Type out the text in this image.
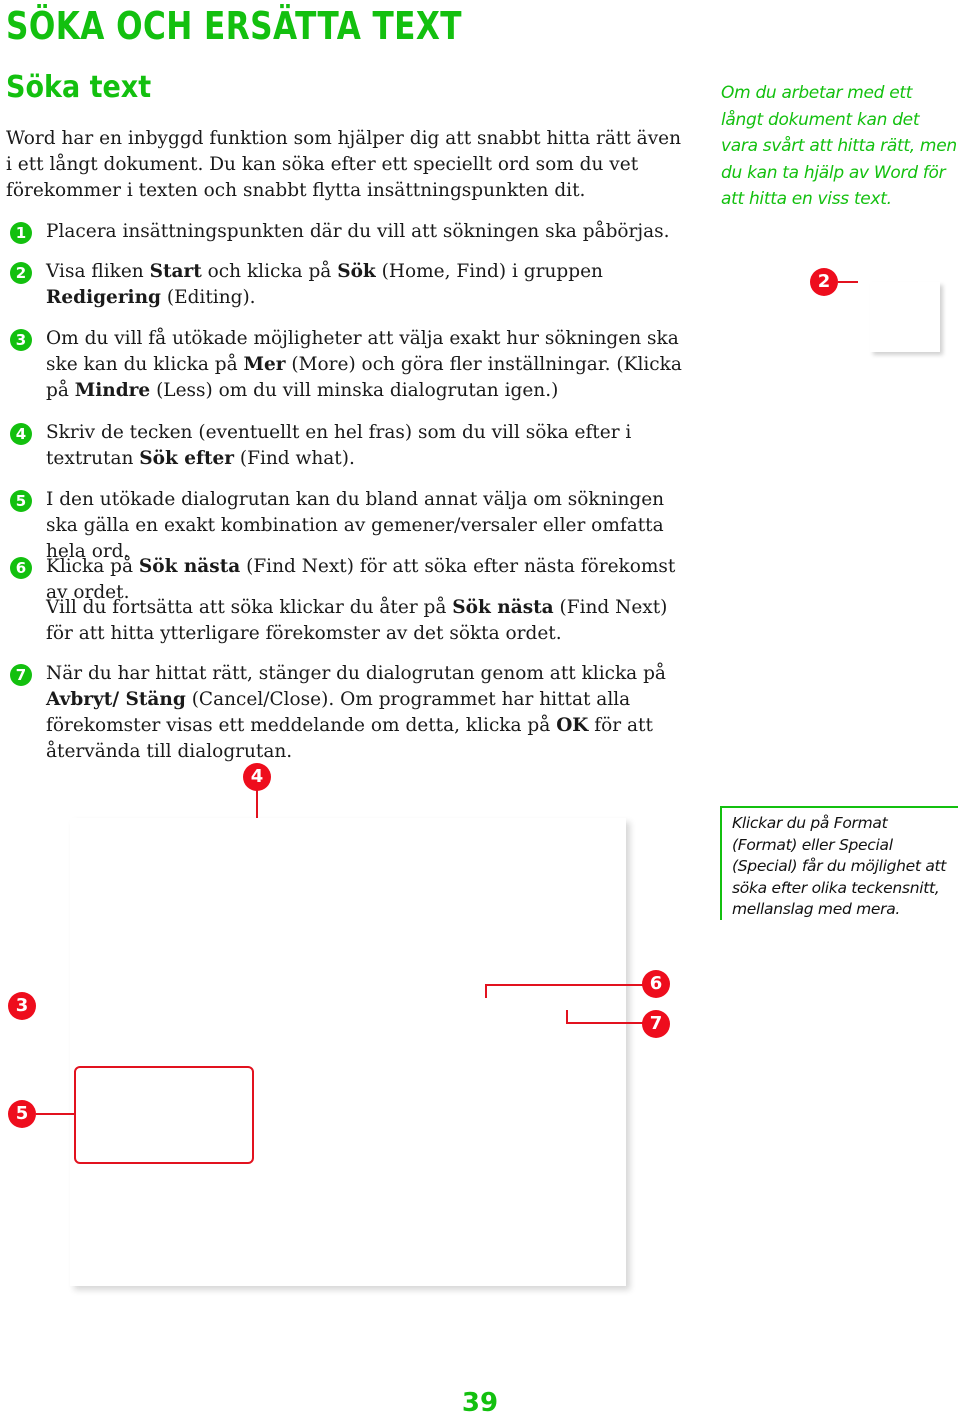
SÖKA OCH ERSÄTTA TEXT
Söka text
Word har en inbyggd funktion som hjälper dig att snabbt hitta rätt även i ett långt dokument. Du kan söka efter ett speciellt ord som du vet förekommer i texten och snabbt flytta insättningspunkten dit.
1	Placera insättningspunkten där du vill att sökningen ska påbörjas.
2	Visa fliken Start och klicka på Sök (Home, Find) i gruppen Redigering (Editing).
3	Om du vill få utökade möjligheter att välja exakt hur sökningen ska ske kan du klicka på Mer (More) och göra fler inställningar. (Klicka på Mindre (Less) om du vill minska dialogrutan igen.)
4	Skriv de tecken (eventuellt en hel fras) som du vill söka efter i textrutan Sök efter (Find what).
5	I den utökade dialogrutan kan du bland annat välja om sökningen ska gälla en exakt kombination av gemener/versaler eller omfatta hela ord.
6	Klicka på Sök nästa (Find Next) för att söka efter nästa förekomst av ordet.
Vill du fortsätta att söka klickar du åter på Sök nästa (Find Next) för att hitta ytterligare förekomster av det sökta ordet.
7	När du har hittat rätt, stänger du dialogrutan genom att klicka på Avbryt/ Stäng (Cancel/Close). Om programmet har hittat alla förekomster visas ett meddelande om detta, klicka på OK för att återvända till dialogrutan.
Om du arbetar med ett långt dokument kan det vara svårt att hitta rätt, men du kan ta hjälp av Word för att hitta en viss text.
2
4
3
5
6
7
Klickar du på Format (Format) eller Special (Special) får du möjlighet att söka efter olika teckensnitt, mellanslag med mera.
39
